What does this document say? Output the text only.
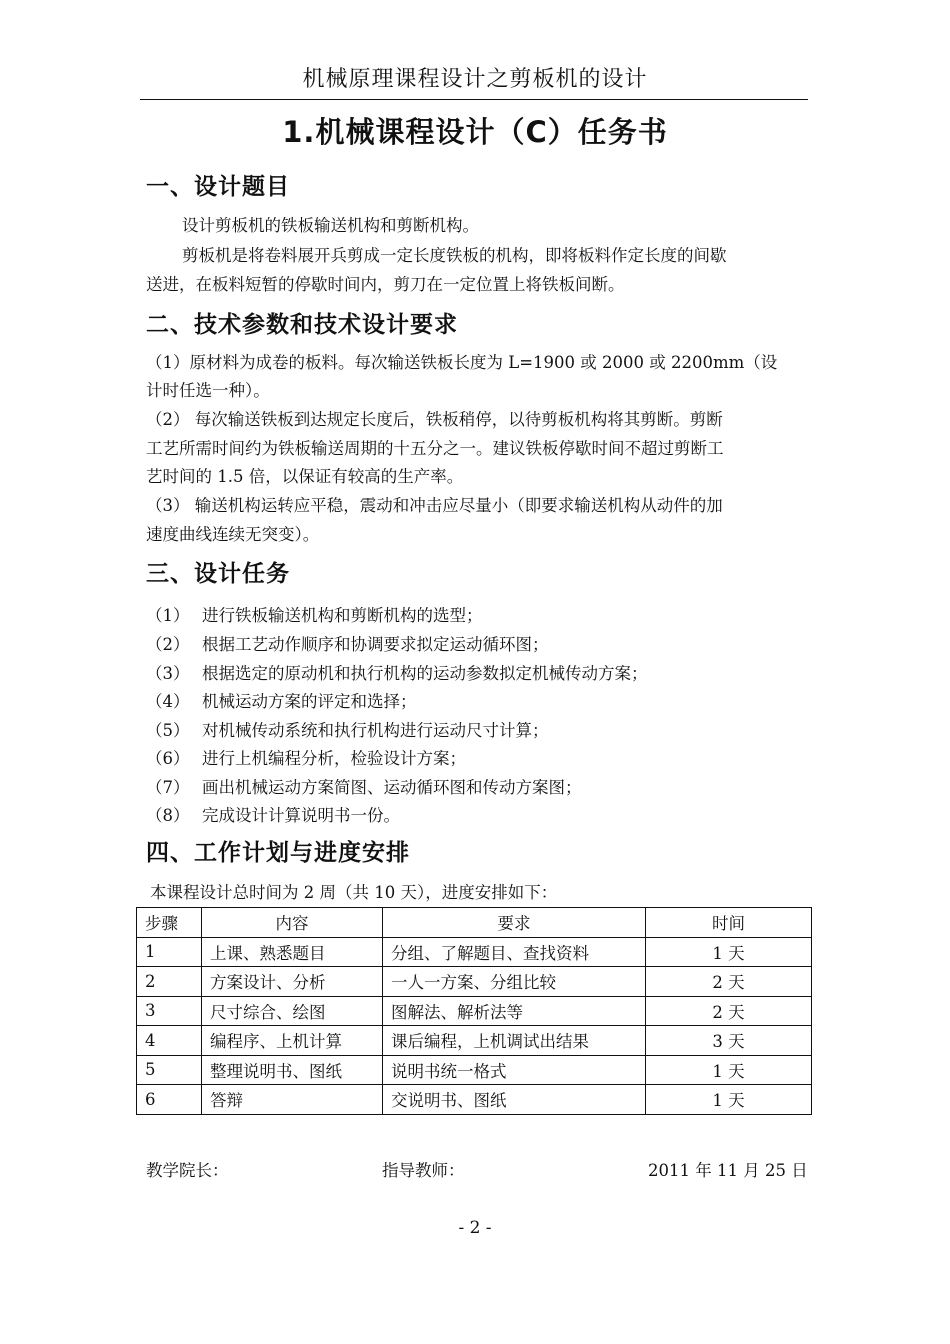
机械原理课程设计之剪板机的设计
1.机械课程设计（C）任务书
一、设计题目
设计剪板机的铁板输送机构和剪断机构。
剪板机是将卷料展开兵剪成一定长度铁板的机构，即将板料作定长度的间歇
送进，在板料短暂的停歇时间内，剪刀在一定位置上将铁板间断。
二、技术参数和技术设计要求
（1）原材料为成卷的板料。每次输送铁板长度为 L=1900 或 2000 或 2200mm（设
计时任选一种）。
（2） 每次输送铁板到达规定长度后，铁板稍停，以待剪板机构将其剪断。剪断
工艺所需时间约为铁板输送周期的十五分之一。建议铁板停歇时间不超过剪断工
艺时间的 1.5 倍，以保证有较高的生产率。
（3） 输送机构运转应平稳，震动和冲击应尽量小（即要求输送机构从动件的加
速度曲线连续无突变）。
三、设计任务
（1） 进行铁板输送机构和剪断机构的选型；
（2） 根据工艺动作顺序和协调要求拟定运动循环图；
（3） 根据选定的原动机和执行机构的运动参数拟定机械传动方案；
（4） 机械运动方案的评定和选择；
（5） 对机械传动系统和执行机构进行运动尺寸计算；
（6） 进行上机编程分析，检验设计方案；
（7） 画出机械运动方案简图、运动循环图和传动方案图；
（8） 完成设计计算说明书一份。
四、工作计划与进度安排
本课程设计总时间为 2 周（共 10 天），进度安排如下：
步骤	内容	要求	时间
1	上课、熟悉题目	分组、了解题目、查找资料	1 天
2	方案设计、分析	一人一方案、分组比较	2 天
3	尺寸综合、绘图	图解法、解析法等	2 天
4	编程序、上机计算	课后编程，上机调试出结果	3 天
5	整理说明书、图纸	说明书统一格式	1 天
6	答辩	交说明书、图纸	1 天
教学院长：	指导教师：	2011 年 11 月 25 日
- 2 -
